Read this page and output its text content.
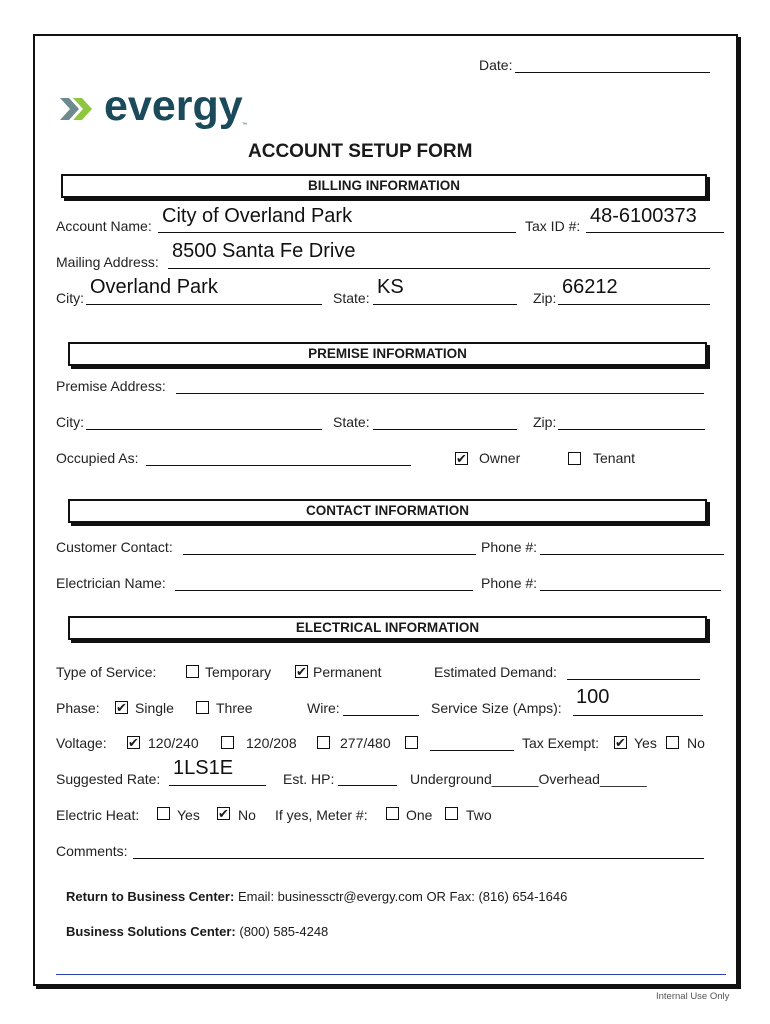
Date:
evergy ™
ACCOUNT SETUP FORM
BILLING INFORMATION
Account Name: City of Overland Park	Tax ID #: 48-6100373
Mailing Address: 8500 Santa Fe Drive
City: Overland Park	State: KS	Zip: 66212
PREMISE INFORMATION
Premise Address:
City:	State:	Zip:
Occupied As:	✔ Owner	Tenant
CONTACT INFORMATION
Customer Contact:	Phone #:
Electrician Name:	Phone #:
ELECTRICAL INFORMATION
Type of Service:	Temporary ✔ Permanent	Estimated Demand:
Phase: ✔ Single	Three	Wire:	Service Size (Amps): 100
Voltage: ✔ 120/240	120/208	277/480	Tax Exempt: ✔ Yes No
Suggested Rate: 1LS1E	Est. HP:	Underground______Overhead______
Electric Heat:	Yes ✔ No If yes, Meter #:	One Two
Comments:
Return to Business Center: Email: businessctr@evergy.com OR Fax: (816) 654-1646
Business Solutions Center: (800) 585-4248
Internal Use Only
